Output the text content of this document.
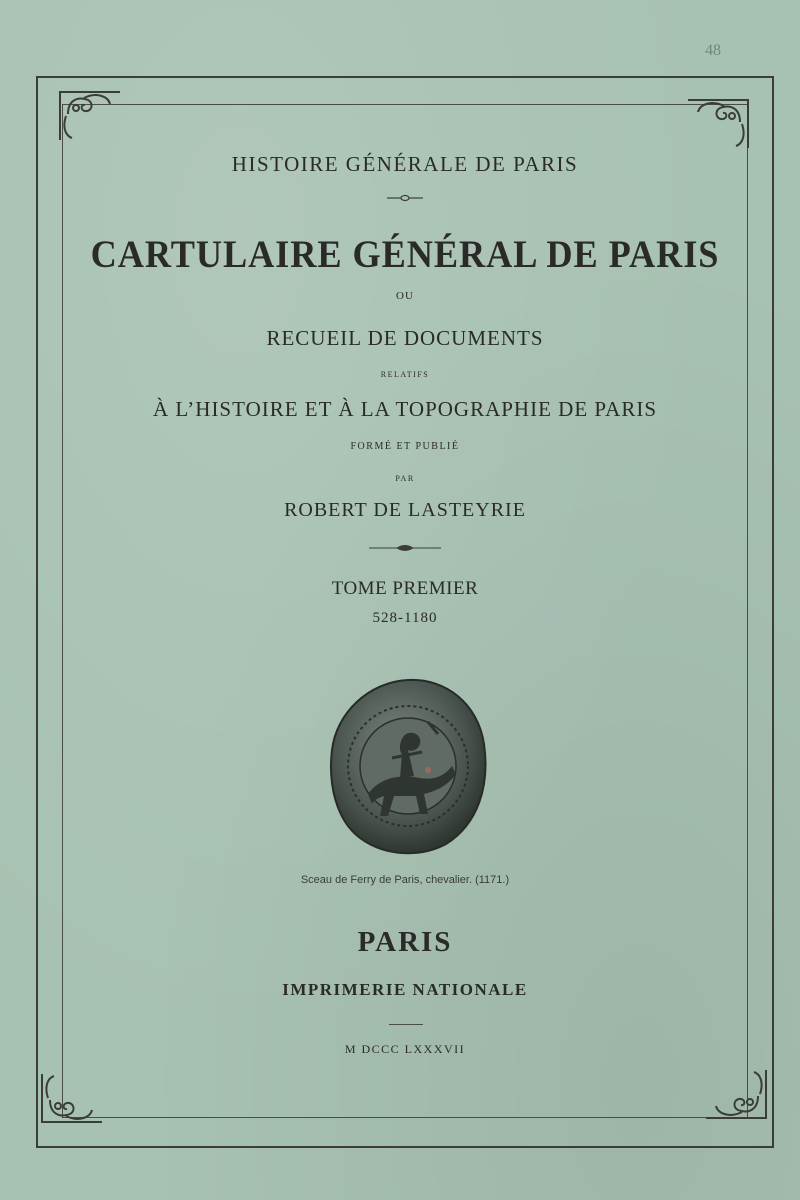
48
HISTOIRE GÉNÉRALE DE PARIS
CARTULAIRE GÉNÉRAL DE PARIS
OU
RECUEIL DE DOCUMENTS
RELATIFS
À L’HISTOIRE ET À LA TOPOGRAPHIE DE PARIS
FORMÉ ET PUBLIÉ
PAR
ROBERT DE LASTEYRIE
TOME PREMIER
528-1180
Sceau de Ferry de Paris, chevalier. (1171.)
PARIS
IMPRIMERIE NATIONALE
M DCCC LXXXVII
